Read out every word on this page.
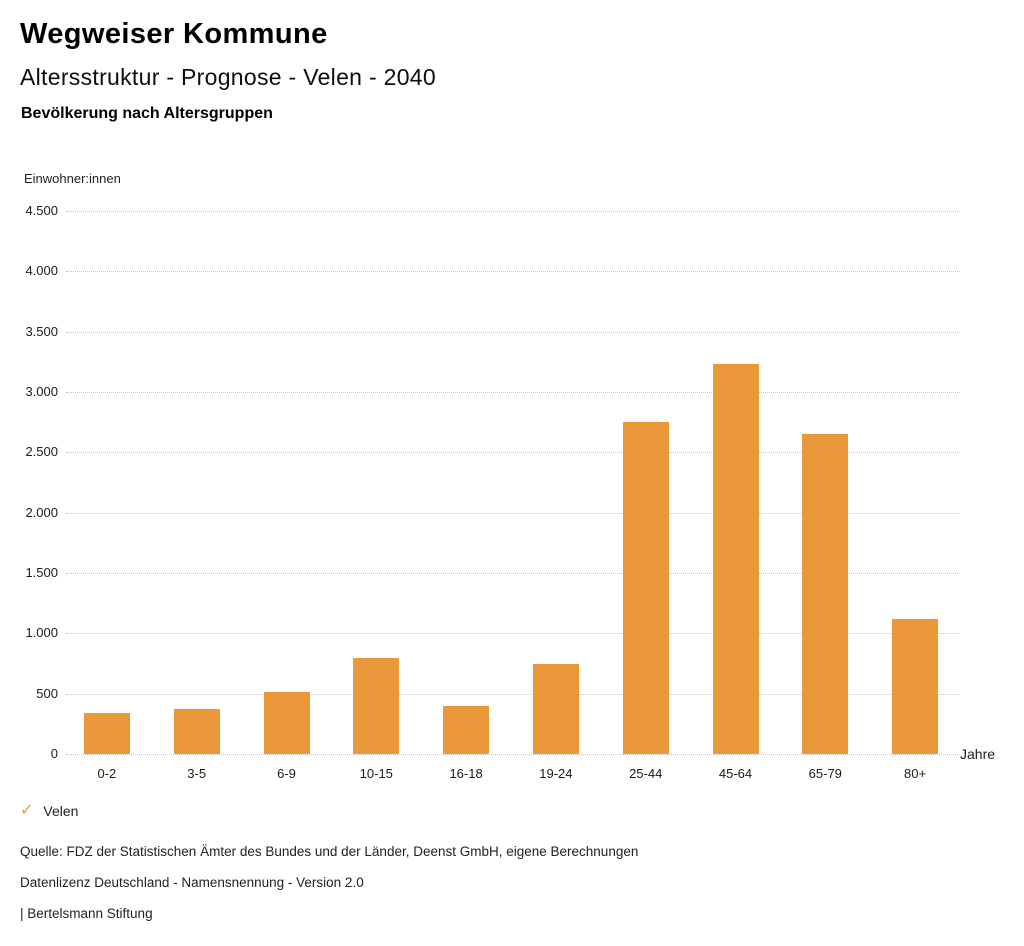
Wegweiser Kommune
Altersstruktur - Prognose - Velen - 2040
Bevölkerung nach Altersgruppen
Einwohner:innen
0
500
1.000
1.500
2.000
2.500
3.000
3.500
4.000
4.500
0-2	3-5	6-9	10-15	16-18	19-24	25-44	45-64	65-79	80+
Jahre
✓ Velen

Quelle: FDZ der Statistischen Ämter des Bundes und der Länder, Deenst GmbH, eigene Berechnungen

Datenlizenz Deutschland - Namensnennung - Version 2.0

| Bertelsmann Stiftung
